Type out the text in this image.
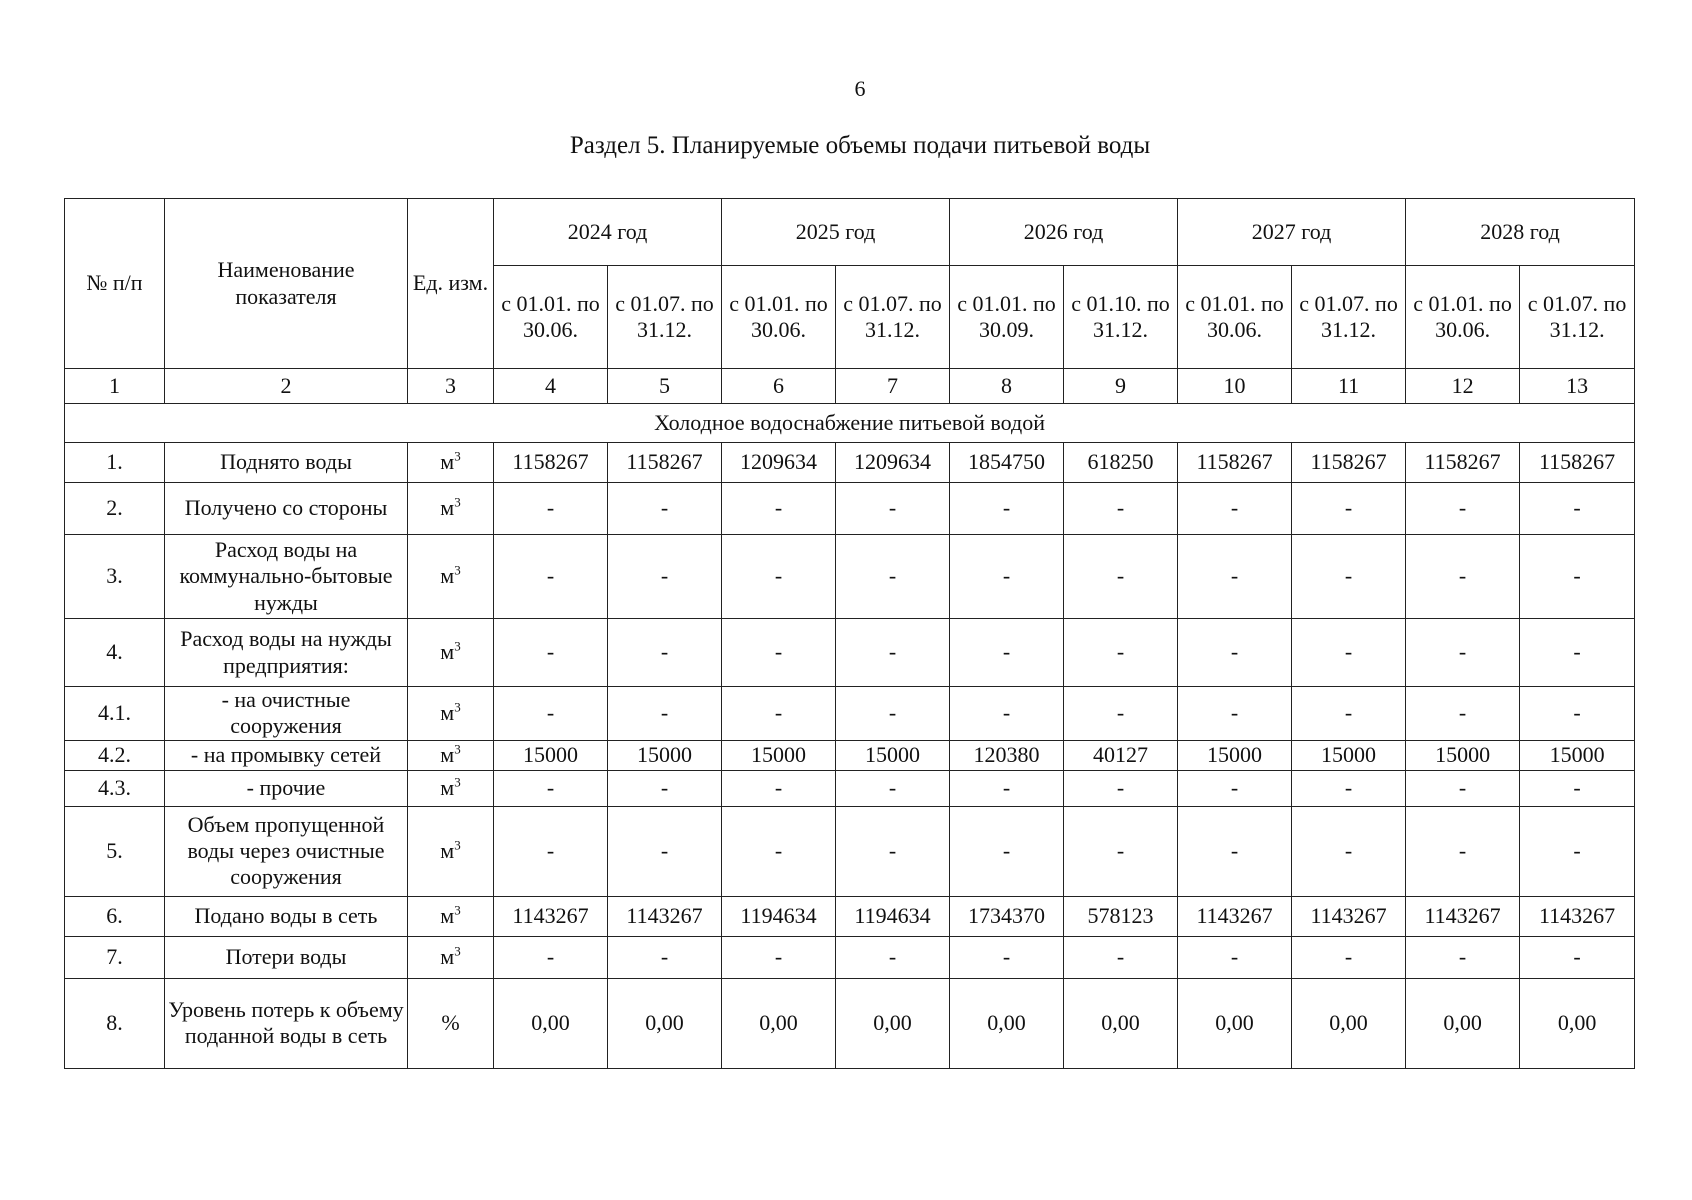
6
Раздел 5. Планируемые объемы подачи питьевой воды
№ п/п	Наименование показателя	Ед. изм.	2024 год		2025 год		2026 год		2027 год		2028 год	
			с 01.01. по 30.06.	с 01.07. по 31.12.	с 01.01. по 30.06.	с 01.07. по 31.12.	с 01.01. по 30.09.	с 01.10. по 31.12.	с 01.01. по 30.06.	с 01.07. по 31.12.	с 01.01. по 30.06.	с 01.07. по 31.12.
1	2	3	4	5	6	7	8	9	10	11	12	13
Холодное водоснабжение питьевой водой												
1.	Поднято воды	$м^3$	1158267	1158267	1209634	1209634	1854750	618250	1158267	1158267	1158267	1158267
2.	Получено со стороны	$м^3$	-	-	-	-	-	-	-	-	-	-
3.	Расход воды на коммунально-бытовые нужды	$м^3$	-	-	-	-	-	-	-	-	-	-
4.	Расход воды на нужды предприятия:	$м^3$	-	-	-	-	-	-	-	-	-	-
4.1.	- на очистные сооружения	$м^3$	-	-	-	-	-	-	-	-	-	-
4.2.	- на промывку сетей	$м^3$	15000	15000	15000	15000	120380	40127	15000	15000	15000	15000
4.3.	- прочие	$м^3$	-	-	-	-	-	-	-	-	-	-
5.	Объем пропущенной воды через очистные сооружения	$м^3$	-	-	-	-	-	-	-	-	-	-
6.	Подано воды в сеть	$м^3$	1143267	1143267	1194634	1194634	1734370	578123	1143267	1143267	1143267	1143267
7.	Потери воды	$м^3$	-	-	-	-	-	-	-	-	-	-
8.	Уровень потерь к объему поданной воды в сеть	%	0,00	0,00	0,00	0,00	0,00	0,00	0,00	0,00	0,00	0,00
